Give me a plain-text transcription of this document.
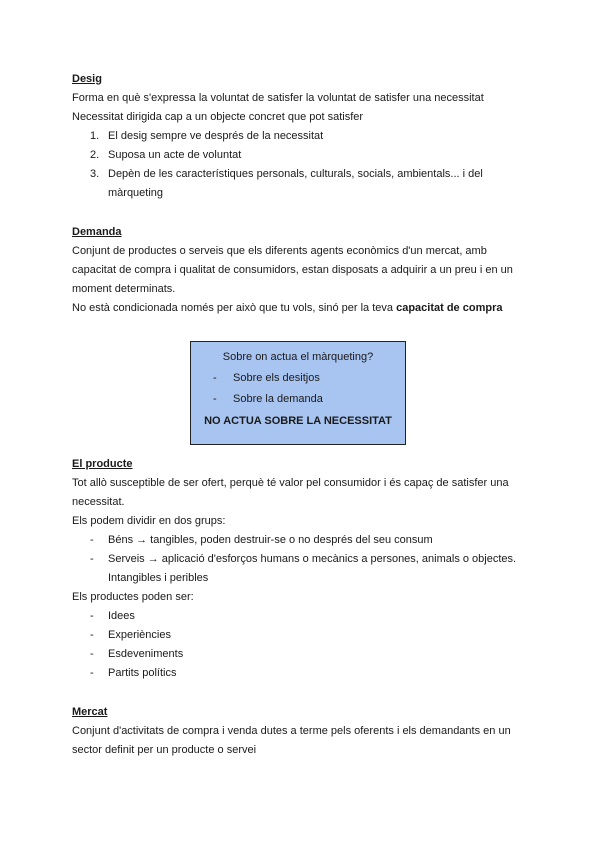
Desig
Forma en què s'expressa la voluntat de satisfer la voluntat de satisfer una necessitat
Necessitat dirigida cap a un objecte concret que pot satisfer
1. El desig sempre ve després de la necessitat
2. Suposa un acte de voluntat
3. Depèn de les característiques personals, culturals, socials, ambientals... i del
màrqueting
Demanda
Conjunt de productes o serveis que els diferents agents econòmics d'un mercat, amb
capacitat de compra i qualitat de consumidors, estan disposats a adquirir a un preu i en un
moment determinats.
No està condicionada només per això que tu vols, sinó per la teva capacitat de compra
El producte
Tot allò susceptible de ser ofert, perquè té valor pel consumidor i és capaç de satisfer una
necessitat.
Els podem dividir en dos grups:
- Béns → tangibles, poden destruir-se o no després del seu consum
- Serveis → aplicació d'esforços humans o mecànics a persones, animals o objectes.
Intangibles i peribles
Els productes poden ser:
- Idees
- Experiències
- Esdeveniments
- Partits polítics
Mercat
Conjunt d'activitats de compra i venda dutes a terme pels oferents i els demandants en un
sector definit per un producte o servei
Sobre on actua el màrqueting?
- Sobre els desitjos
- Sobre la demanda
NO ACTUA SOBRE LA NECESSITAT
